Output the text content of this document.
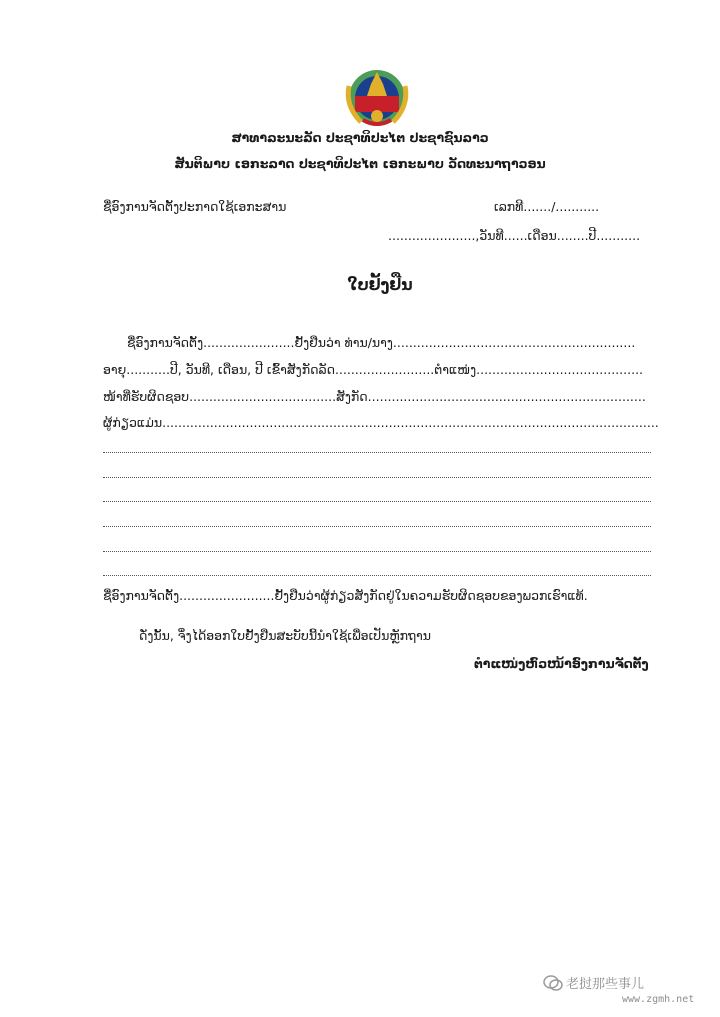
ສາທາລະນະລັດ ປະຊາທິປະໄຕ ປະຊາຊົນລາວ
ສັນຕິພາບ ເອກະລາດ ປະຊາທິປະໄຕ ເອກະພາບ ວັດທະນາຖາວອນ
ຊື່ອົງການຈັດຕັ້ງປະກາດໃຊ້ເອກະສານ	ເລກທີ......./...........
......................,ວັນທີ......ເດືອນ........ປີ...........
ໃບຢັ້ງຢືນ
ຊື່ອົງການຈັດຕັ້ງ.......................ຢັ້ງຢືນວ່າ ທ່ານ/ນາງ.............................................................
ອາຍຸ...........ປີ, ວັນທີ, ເດືອນ, ປີ ເຂົ້າສັງກັດລັດ.........................ຕຳແໜ່ງ..........................................
ໜ້າທີ່ຮັບຜິດຊອບ.....................................ສັງກັດ......................................................................
ຜູ້ກ່ຽວແມ່ນ.............................................................................................................................
ຊື່ອົງການຈັດຕັ້ງ........................ຢັ້ງຢືນວ່າຜູ້ກ່ຽວສັງກັດຢູ່ໃນຄວາມຮັບຜິດຊອບຂອງພວກເຮົາແທ້.
ດັ່ງນັ້ນ, ຈຶ່ງໄດ້ອອກໃບຢັ້ງຢືນສະບັບນີ້ນຳໃຊ້ເພື່ອເປັນຫຼັກຖານ
ຕຳແໜ່ງຫົວໜ້າອົງການຈັດຕັ້ງ
老挝那些事儿
www.zgmh.net
